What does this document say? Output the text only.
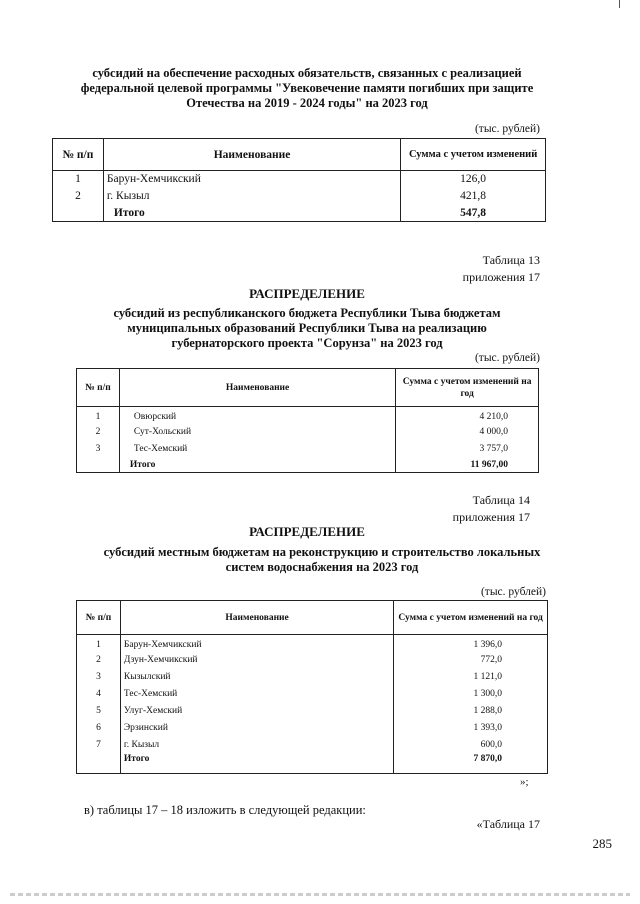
субсидий на обеспечение расходных обязательств, связанных с реализацией
федеральной целевой программы "Увековечение памяти погибших при защите
Отечества на 2019 - 2024 годы" на 2023 год
(тыс. рублей)
№ п/п	Наименование	Сумма с учетом изменений
1	Барун-Хемчикский	126,0
2	г. Кызыл	421,8
	Итого	547,8
Таблица 13
приложения 17
РАСПРЕДЕЛЕНИЕ
субсидий из республиканского бюджета Республики Тыва бюджетам
муниципальных образований Республики Тыва на реализацию
губернаторского проекта "Сорунза" на 2023 год
(тыс. рублей)
№ п/п	Наименование	Сумма с учетом изменений на год
1	Овюрский	4 210,0
2	Сут-Хольский	4 000,0
3	Тес-Хемский	3 757,0
	Итого	11 967,00
Таблица 14
приложения 17
РАСПРЕДЕЛЕНИЕ
субсидий местным бюджетам на реконструкцию и строительство локальных
систем водоснабжения на 2023 год
(тыс. рублей)
№ п/п	Наименование	Сумма с учетом изменений на год
1	Барун-Хемчикский	1 396,0
2	Дзун-Хемчикский	772,0
3	Кызылский	1 121,0
4	Тес-Хемский	1 300,0
5	Улуг-Хемский	1 288,0
6	Эрзинский	1 393,0
7	г. Кызыл	600,0
	Итого	7 870,0
»;
в) таблицы 17 – 18 изложить в следующей редакции:
«Таблица 17
285
